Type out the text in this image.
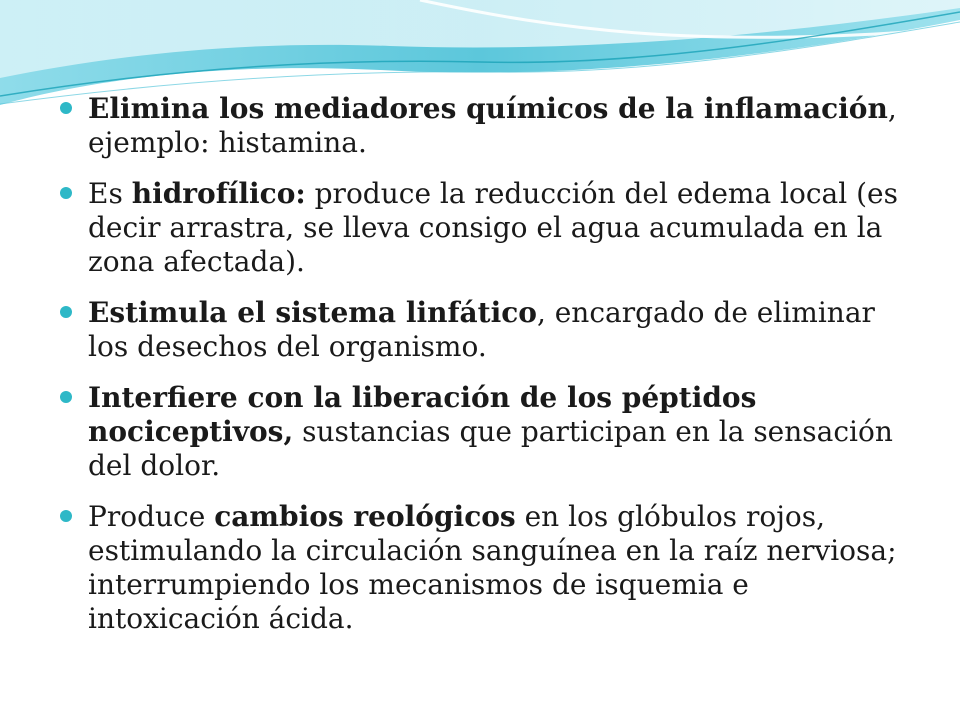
Elimina los mediadores químicos de la inflamación, ejemplo: histamina.
Es hidrofílico: produce la reducción del edema local (es decir arrastra, se lleva consigo el agua acumulada en la zona afectada).
Estimula el sistema linfático, encargado de eliminar los desechos del organismo.
Interfiere con la liberación de los péptidos nociceptivos, sustancias que participan en la sensación del dolor.
Produce cambios reológicos en los glóbulos rojos, estimulando la circulación sanguínea en la raíz nerviosa; interrumpiendo los mecanismos de isquemia e intoxicación ácida.
